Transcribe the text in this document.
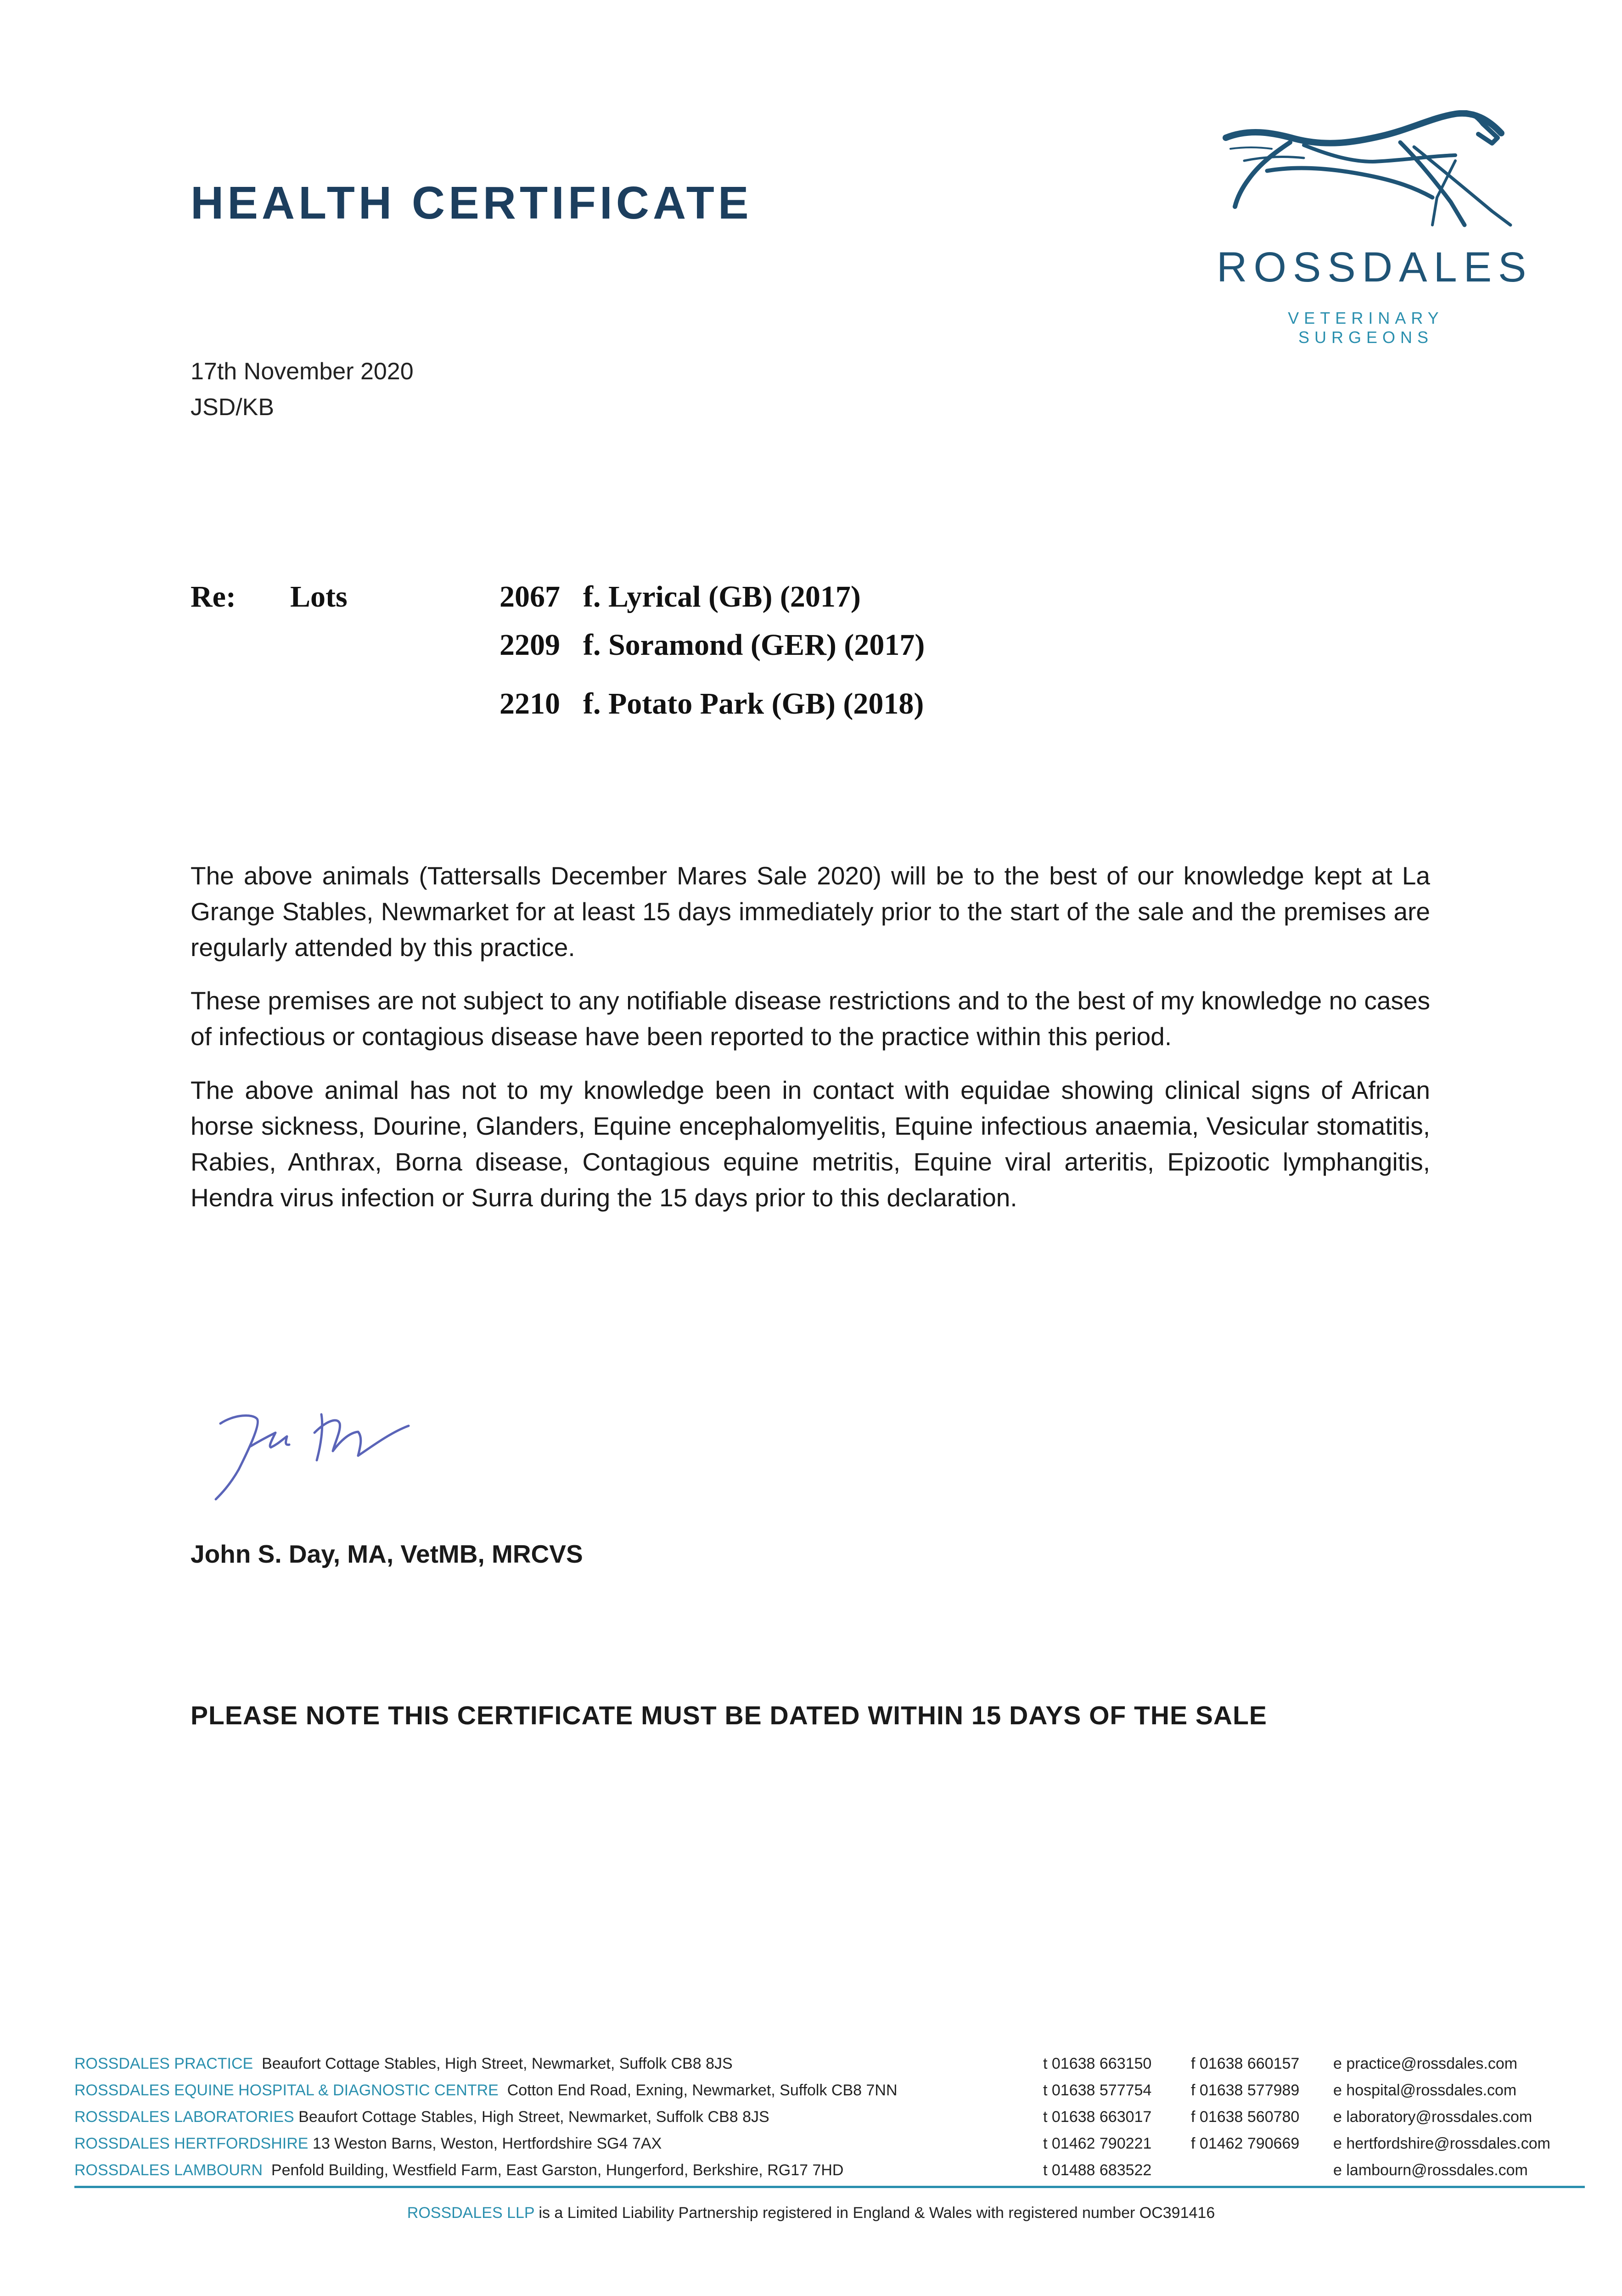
HEALTH CERTIFICATE
ROSSDALES
VETERINARY SURGEONS
17th November 2020
JSD/KB
Re: Lots	2067 f. Lyrical (GB) (2017)
2209 f. Soramond (GER) (2017)
2210 f. Potato Park (GB) (2018)

The above animals (Tattersalls December Mares Sale 2020) will be to the best of our knowledge kept at La Grange Stables, Newmarket for at least 15 days immediately prior to the start of the sale and the premises are regularly attended by this practice.

These premises are not subject to any notifiable disease restrictions and to the best of my knowledge no cases of infectious or contagious disease have been reported to the practice within this period.

The above animal has not to my knowledge been in contact with equidae showing clinical signs of African horse sickness, Dourine, Glanders, Equine encephalomyelitis, Equine infectious anaemia, Vesicular stomatitis, Rabies, Anthrax, Borna disease, Contagious equine metritis, Equine viral arteritis, Epizootic lymphangitis, Hendra virus infection or Surra during the 15 days prior to this declaration.

John S. Day, MA, VetMB, MRCVS
PLEASE NOTE THIS CERTIFICATE MUST BE DATED WITHIN 15 DAYS OF THE SALE
ROSSDALES PRACTICE Beaufort Cottage Stables, High Street, Newmarket, Suffolk CB8 8JS	t 01638 663150	f 01638 660157 e practice@rossdales.com
ROSSDALES EQUINE HOSPITAL & DIAGNOSTIC CENTRE Cotton End Road, Exning, Newmarket, Suffolk CB8 7NN	t 01638 577754	f 01638 577989 e hospital@rossdales.com
ROSSDALES LABORATORIES Beaufort Cottage Stables, High Street, Newmarket, Suffolk CB8 8JS	t 01638 663017	f 01638 560780 e laboratory@rossdales.com
ROSSDALES HERTFORDSHIRE 13 Weston Barns, Weston, Hertfordshire SG4 7AX	t 01462 790221	f 01462 790669 e hertfordshire@rossdales.com
ROSSDALES LAMBOURN Penfold Building, Westfield Farm, East Garston, Hungerford, Berkshire, RG17 7HD	t 01488 683522	e lambourn@rossdales.com
ROSSDALES LLP is a Limited Liability Partnership registered in England & Wales with registered number OC391416
